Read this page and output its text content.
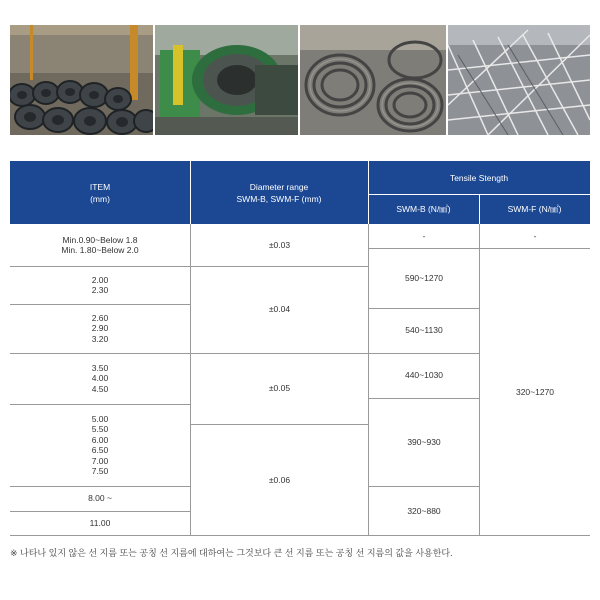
ITEM
(mm)
Diameter range
SWM-B, SWM-F (mm)
Tensile Stength
SWM-B (N/㎟)	SWM-F (N/㎟)
Min.0.90~Below 1.8
Min. 1.80~Below 2.0
2.00
2.30
2.60
2.90
3.20
3.50
4.00
4.50
5.00
5.50
6.00
6.50
7.00
7.50
8.00 ~
11.00
±0.03
±0.04
±0.05
±0.06
-
590~1270
540~1130
440~1030
390~930
320~880
-
320~1270
※ 나타나 있지 않은 선 지름 또는 공칭 선 지름에 대하여는 그것보다 큰 선 지름 또는 공칭 선 지름의 값을 사용한다.
